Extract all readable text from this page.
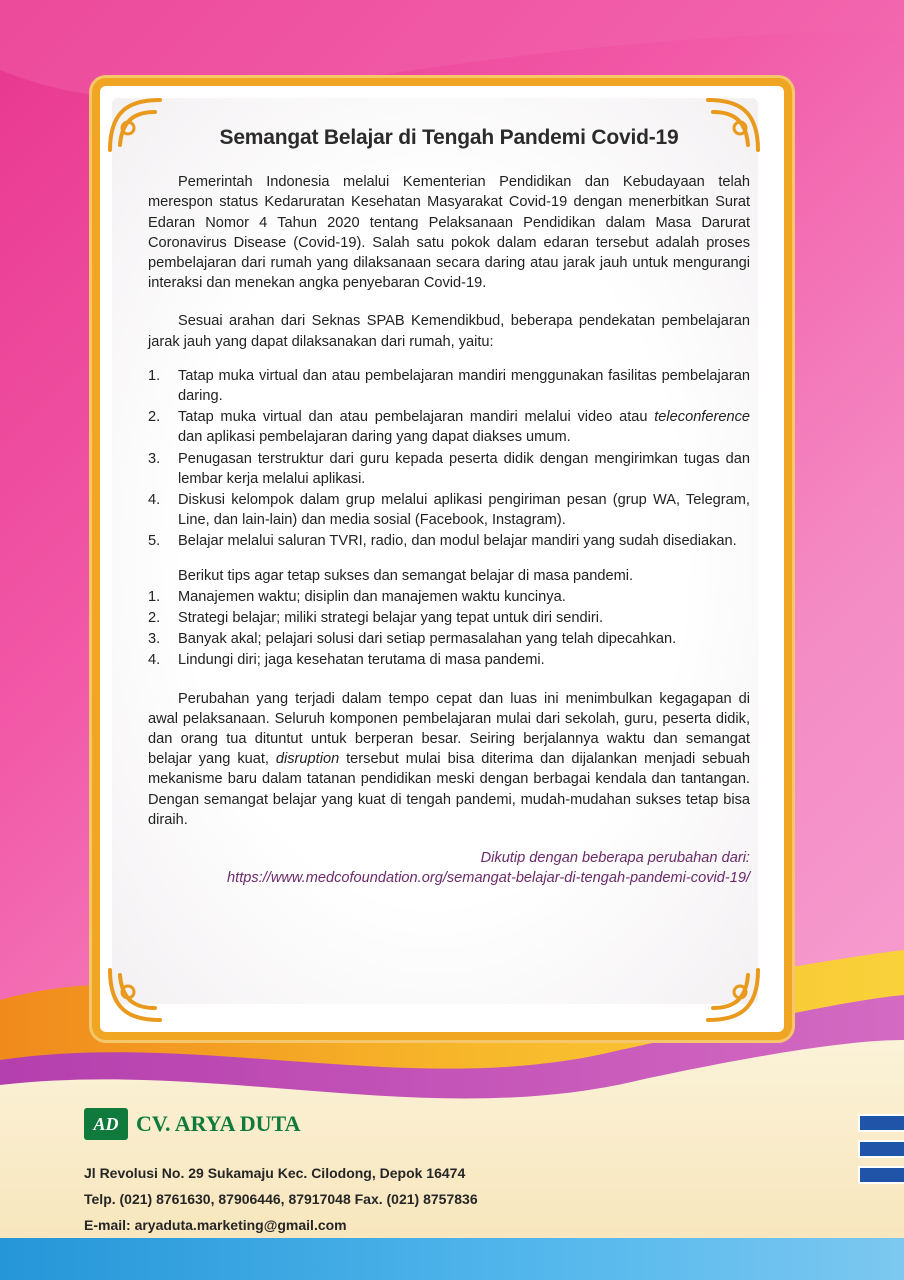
Semangat Belajar di Tengah Pandemi Covid-19

Pemerintah Indonesia melalui Kementerian Pendidikan dan Kebudayaan telah merespon status Kedaruratan Kesehatan Masyarakat Covid-19 dengan menerbitkan Surat Edaran Nomor 4 Tahun 2020 tentang Pelaksanaan Pendidikan dalam Masa Darurat Coronavirus Disease (Covid-19). Salah satu pokok dalam edaran tersebut adalah proses pembelajaran dari rumah yang dilaksanaan secara daring atau jarak jauh untuk mengurangi interaksi dan menekan angka penyebaran Covid-19.

Sesuai arahan dari Seknas SPAB Kemendikbud, beberapa pendekatan pembelajaran jarak jauh yang dapat dilaksanakan dari rumah, yaitu:

1.	Tatap muka virtual dan atau pembelajaran mandiri menggunakan fasilitas pembelajaran daring.
2.	Tatap muka virtual dan atau pembelajaran mandiri melalui video atau teleconference dan aplikasi pembelajaran daring yang dapat diakses umum.
3.	Penugasan terstruktur dari guru kepada peserta didik dengan mengirimkan tugas dan lembar kerja melalui aplikasi.
4.	Diskusi kelompok dalam grup melalui aplikasi pengiriman pesan (grup WA, Telegram, Line, dan lain-lain) dan media sosial (Facebook, Instagram).
5.	Belajar melalui saluran TVRI, radio, dan modul belajar mandiri yang sudah disediakan.
Berikut tips agar tetap sukses dan semangat belajar di masa pandemi.
1.	Manajemen waktu; disiplin dan manajemen waktu kuncinya.
2.	Strategi belajar; miliki strategi belajar yang tepat untuk diri sendiri.
3.	Banyak akal; pelajari solusi dari setiap permasalahan yang telah dipecahkan.
4.	Lindungi diri; jaga kesehatan terutama di masa pandemi.

Perubahan yang terjadi dalam tempo cepat dan luas ini menimbulkan kegagapan di awal pelaksanaan. Seluruh komponen pembelajaran mulai dari sekolah, guru, peserta didik, dan orang tua dituntut untuk berperan besar. Seiring berjalannya waktu dan semangat belajar yang kuat, disruption tersebut mulai bisa diterima dan dijalankan menjadi sebuah mekanisme baru dalam tatanan pendidikan meski dengan berbagai kendala dan tantangan. Dengan semangat belajar yang kuat di tengah pandemi, mudah-mudahan sukses tetap bisa diraih.

Dikutip dengan beberapa perubahan dari:
https://www.medcofoundation.org/semangat-belajar-di-tengah-pandemi-covid-19/
AD CV. ARYA DUTA
Jl Revolusi No. 29 Sukamaju Kec. Cilodong, Depok 16474
Telp. (021) 8761630, 87906446, 87917048 Fax. (021) 8757836
E-mail: aryaduta.marketing@gmail.com
